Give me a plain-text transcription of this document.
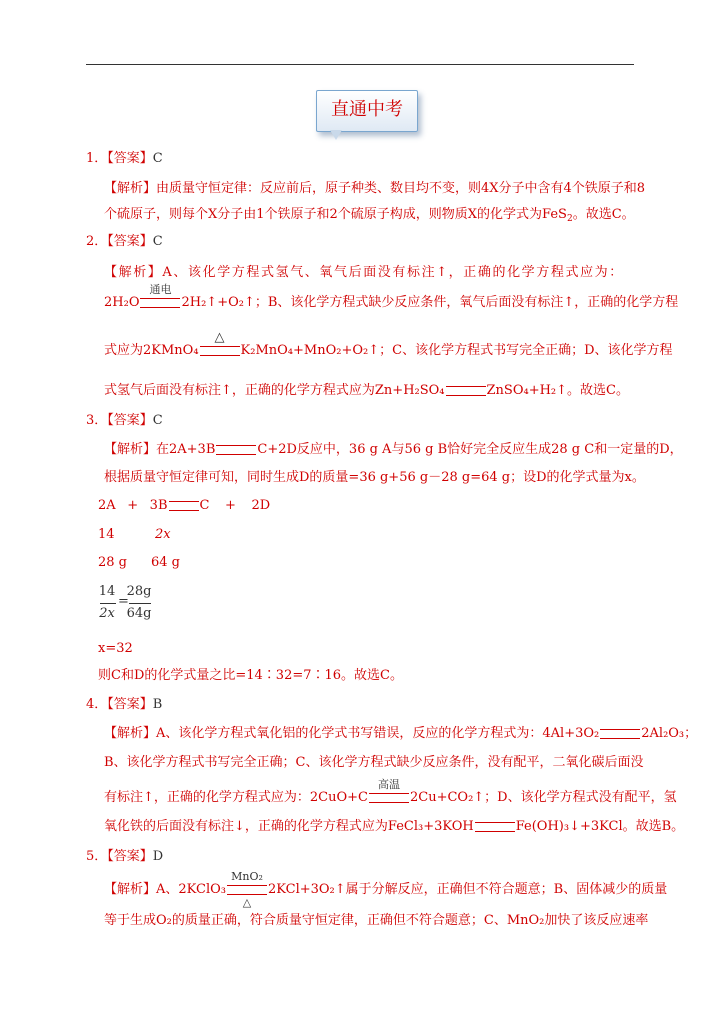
直通中考
1．【答案】C
【解析】由质量守恒定律：反应前后，原子种类、数目均不变，则4X分子中含有4个铁原子和8
个硫原子，则每个X分子由1个铁原子和2个硫原子构成，则物质X的化学式为FeS$_2$。故选C。
2．【答案】C
【解析】A、该化学方程式氢气、氧气后面没有标注↑，正确的化学方程式应为：
2H₂O
通电
2H₂↑+O₂↑；B、该化学方程式缺少反应条件，氧气后面没有标注↑，正确的化学方程
式应为2KMnO₄
△
K₂MnO₄+MnO₂+O₂↑；C、该化学方程式书写完全正确；D、该化学方程
式氢气后面没有标注↑，正确的化学方程式应为Zn+H₂SO₄	ZnSO₄+H₂↑。故选C。
3．【答案】C
【解析】在2A+3B	C+2D反应中，36 g A与56 g B恰好完全反应生成28 g C和一定量的D，
根据质量守恒定律可知，同时生成D的质量=36 g+56 g－28 g=64 g；设D的化学式量为x。
2A + 3B C + 2D
14	2x
28 g 64 g
14
2x
=
28g
64g
x=32
则C和D的化学式量之比=14∶32=7∶16。故选C。
4．【答案】B
【解析】A、该化学方程式氧化铝的化学式书写错误，反应的化学方程式为：4Al+3O₂	2Al₂O₃；
B、该化学方程式书写完全正确；C、该化学方程式缺少反应条件，没有配平，二氧化碳后面没
有标注↑，正确的化学方程式应为：2CuO+C
高温
2Cu+CO₂↑；D、该化学方程式没有配平，氢
氧化铁的后面没有标注↓，正确的化学方程式应为FeCl₃+3KOH	Fe(OH)₃↓+3KCl。故选B。
5．【答案】D
【解析】A、2KClO₃
MnO₂
△
2KCl+3O₂↑属于分解反应，正确但不符合题意；B、固体减少的质量
等于生成O₂的质量正确，符合质量守恒定律，正确但不符合题意；C、MnO₂加快了该反应速率
